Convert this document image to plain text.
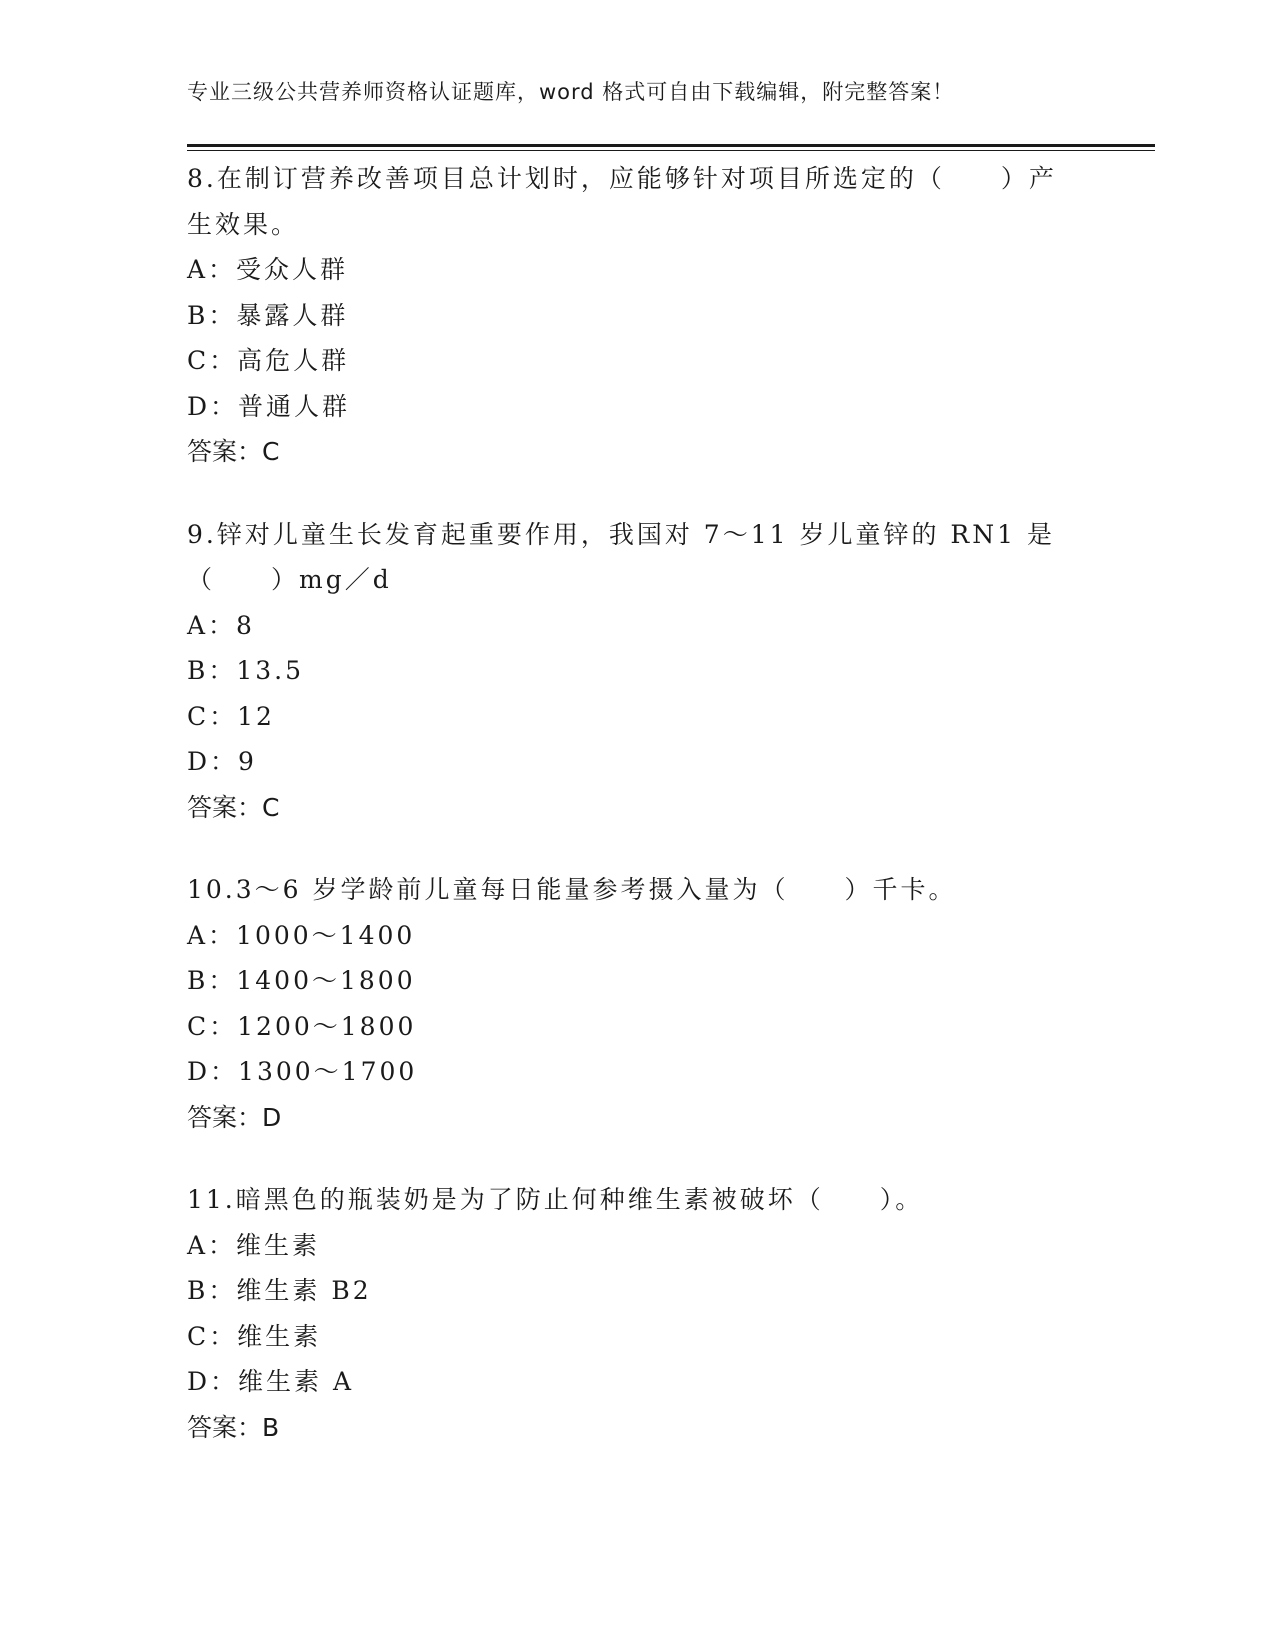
专业三级公共营养师资格认证题库，word 格式可自由下载编辑，附完整答案！

8.在制订营养改善项目总计划时，应能够针对项目所选定的（　　）产生效果。

A：受众人群

B：暴露人群

C：高危人群

D：普通人群

答案：C

9.锌对儿童生长发育起重要作用，我国对 7～11 岁儿童锌的 RN1 是（　　）mg／d

A：8

B：13.5

C：12

D：9

答案：C

10.3～6 岁学龄前儿童每日能量参考摄入量为（　　）千卡。

A：1000～1400

B：1400～1800

C：1200～1800

D：1300～1700

答案：D

11.暗黑色的瓶装奶是为了防止何种维生素被破坏（　　）。

A：维生素

B：维生素 B2

C：维生素

D：维生素 A

答案：B
